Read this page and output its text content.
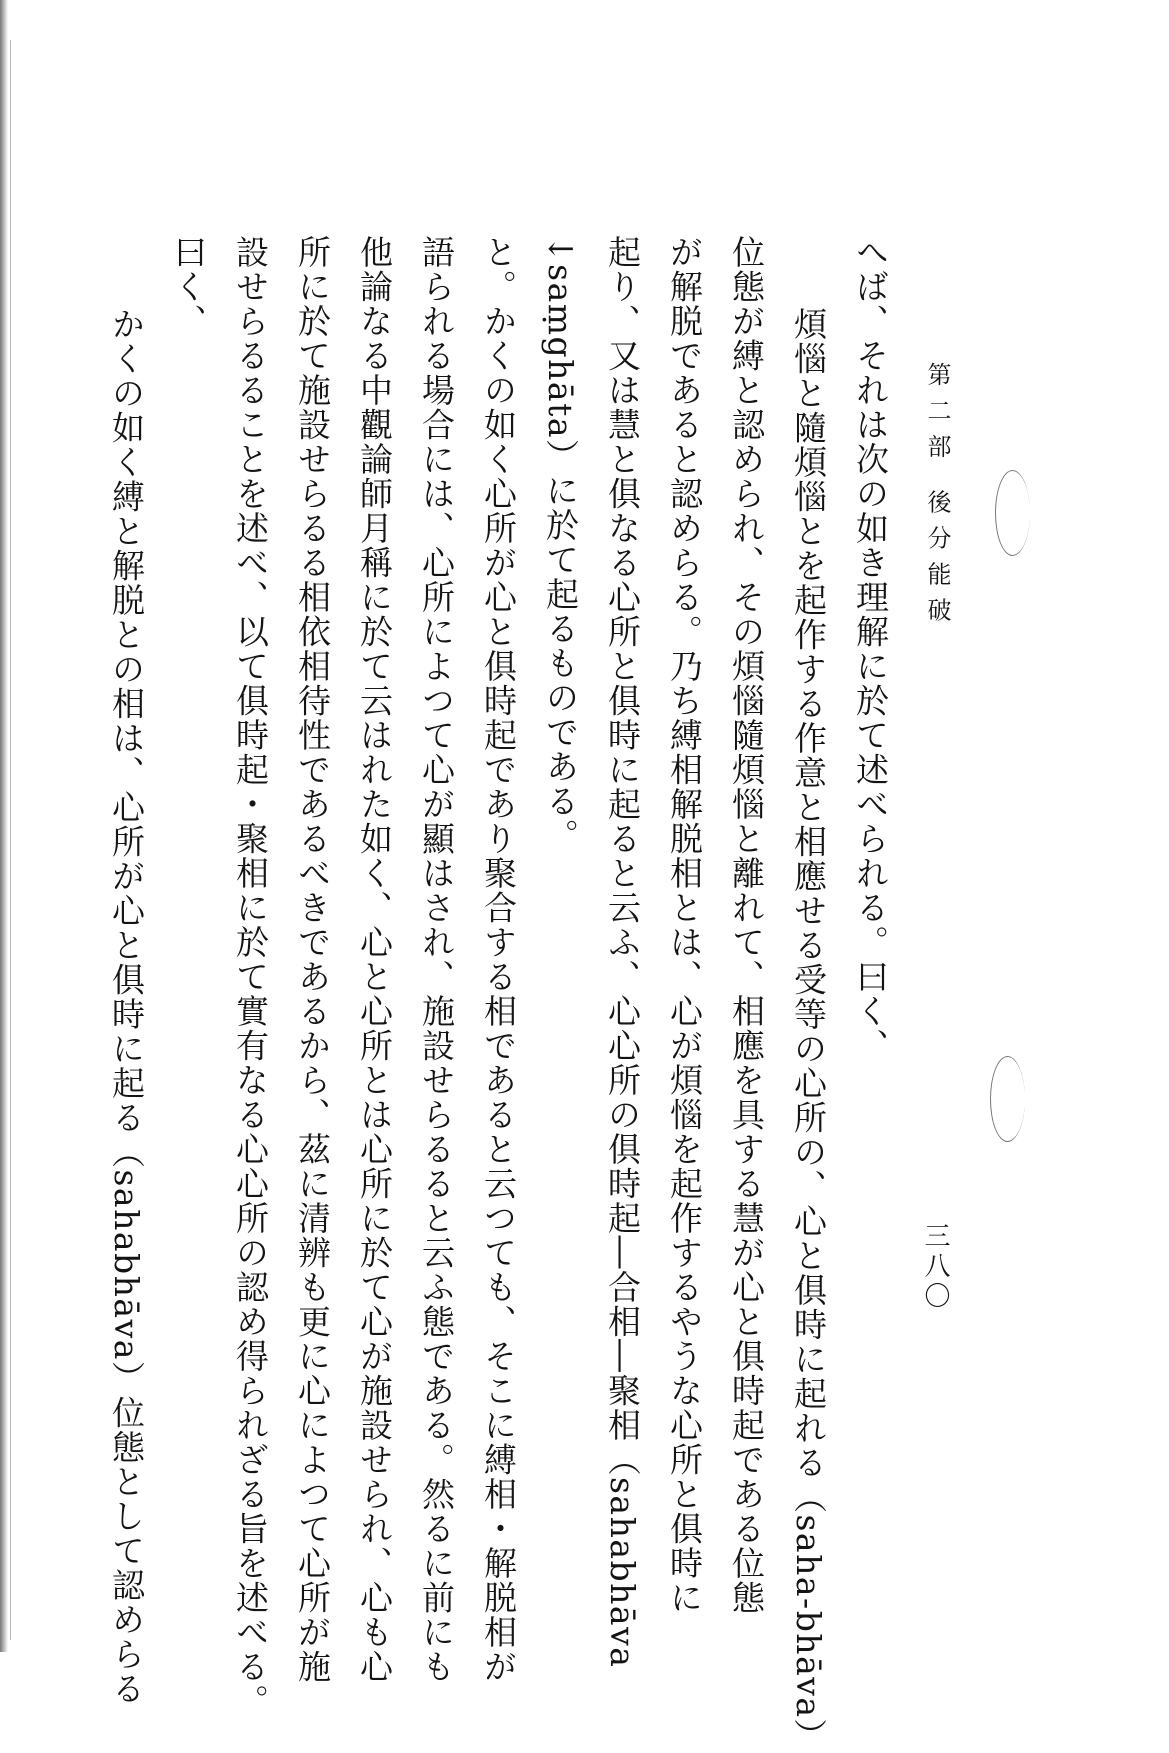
第二部 後分能破
三八〇
へば、それは次の如き理解に於て述べられる。曰く、
煩惱と隨煩惱とを起作する作意と相應せる受等の心所の、心と俱時に起れる（saha-bhāva）
位態が縛と認められ、その煩惱隨煩惱と離れて、相應を具する慧が心と俱時起である位態
が解脱であると認めらる。乃ち縛相解脱相とは、心が煩惱を起作するやうな心所と俱時に
起り、又は慧と俱なる心所と俱時に起ると云ふ、心心所の俱時起―合相―聚相（sahabhāva
↓saṃghāta）に於て起るものである。
と。かくの如く心所が心と俱時起であり聚合する相であると云つても、そこに縛相・解脱相が
語られる場合には、心所によつて心が顯はされ、施設せらるると云ふ態である。然るに前にも
他論なる中觀論師月稱に於て云はれた如く、心と心所とは心所に於て心が施設せられ、心も心
所に於て施設せらるる相依相待性であるべきであるから、茲に清辨も更に心によつて心所が施
設せらるることを述べ、以て俱時起・聚相に於て實有なる心心所の認め得られざる旨を述べる。
曰く、
かくの如く縛と解脱との相は、心所が心と俱時に起る（sahabhāva）位態として認めらる
